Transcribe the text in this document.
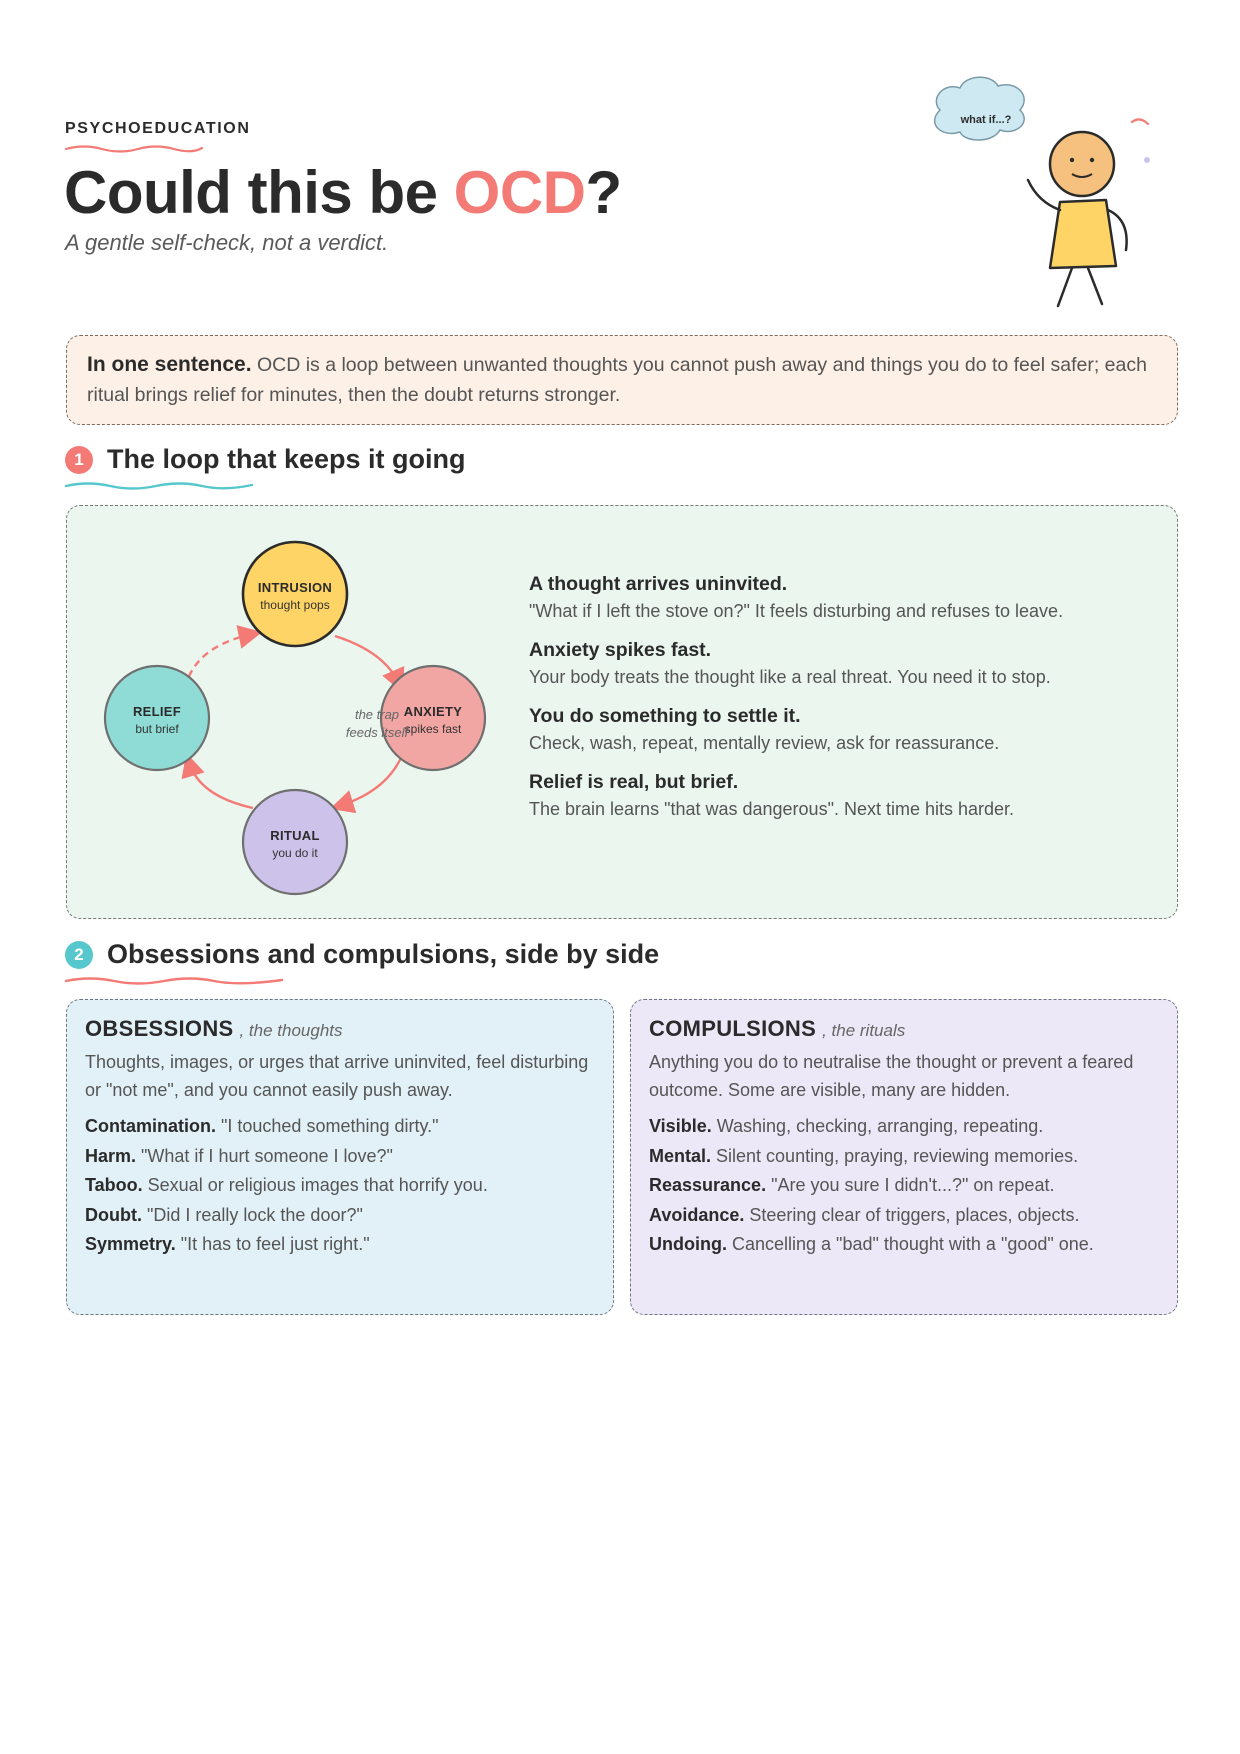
PSYCHOEDUCATION
Could this be OCD?
A gentle self-check, not a verdict.
what if...?
In one sentence. OCD is a loop between unwanted thoughts you cannot push away and things you do to feel safer; each ritual brings relief for minutes, then the doubt returns stronger.
1 The loop that keeps it going
INTRUSION
thought pops
ANXIETY
spikes fast
RITUAL
you do it
RELIEF
but brief
the trap
feeds itself
A thought arrives uninvited.
"What if I left the stove on?" It feels disturbing and refuses to leave.
Anxiety spikes fast.
Your body treats the thought like a real threat. You need it to stop.
You do something to settle it.
Check, wash, repeat, mentally review, ask for reassurance.
Relief is real, but brief.
The brain learns "that was dangerous". Next time hits harder.
2 Obsessions and compulsions, side by side
OBSESSIONS , the thoughts
Thoughts, images, or urges that arrive uninvited, feel disturbing or "not me", and you cannot easily push away.
Contamination. "I touched something dirty."
Harm. "What if I hurt someone I love?"
Taboo. Sexual or religious images that horrify you.
Doubt. "Did I really lock the door?"
Symmetry. "It has to feel just right."
COMPULSIONS , the rituals
Anything you do to neutralise the thought or prevent a feared outcome. Some are visible, many are hidden.
Visible. Washing, checking, arranging, repeating.
Mental. Silent counting, praying, reviewing memories.
Reassurance. "Are you sure I didn't...?" on repeat.
Avoidance. Steering clear of triggers, places, objects.
Undoing. Cancelling a "bad" thought with a "good" one.
